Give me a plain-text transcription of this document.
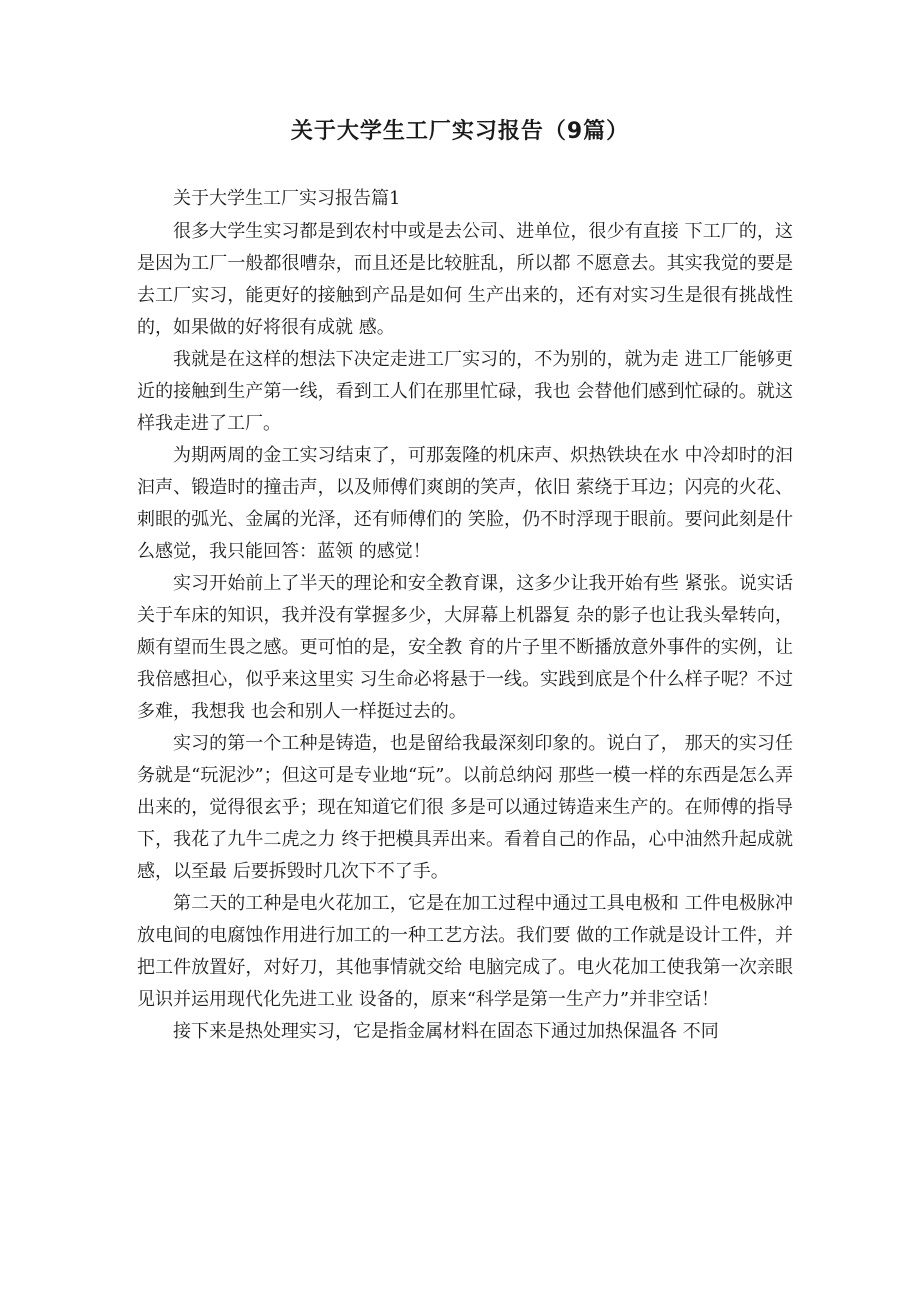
关于大学生工厂实习报告（9篇）

关于大学生工厂实习报告篇1

很多大学生实习都是到农村中或是去公司、进单位，很少有直接 下工厂的，这是因为工厂一般都很嘈杂，而且还是比较脏乱，所以都 不愿意去。其实我觉的要是去工厂实习，能更好的接触到产品是如何 生产出来的，还有对实习生是很有挑战性的，如果做的好将很有成就 感。

我就是在这样的想法下决定走进工厂实习的，不为别的，就为走 进工厂能够更近的接触到生产第一线，看到工人们在那里忙碌，我也 会替他们感到忙碌的。就这样我走进了工厂。

为期两周的金工实习结束了，可那轰隆的机床声、炽热铁块在水 中冷却时的汩汩声、锻造时的撞击声，以及师傅们爽朗的笑声，依旧 萦绕于耳边；闪亮的火花、刺眼的弧光、金属的光泽，还有师傅们的 笑脸，仍不时浮现于眼前。要问此刻是什么感觉，我只能回答：蓝领 的感觉！

实习开始前上了半天的理论和安全教育课，这多少让我开始有些 紧张。说实话关于车床的知识，我并没有掌握多少，大屏幕上机器复 杂的影子也让我头晕转向，颇有望而生畏之感。更可怕的是，安全教 育的片子里不断播放意外事件的实例，让我倍感担心，似乎来这里实 习生命必将悬于一线。实践到底是个什么样子呢？不过多难，我想我 也会和别人一样挺过去的。

实习的第一个工种是铸造，也是留给我最深刻印象的。说白了， 那天的实习任务就是“玩泥沙”；但这可是专业地“玩”。以前总纳闷 那些一模一样的东西是怎么弄出来的，觉得很玄乎；现在知道它们很 多是可以通过铸造来生产的。在师傅的指导下，我花了九牛二虎之力 终于把模具弄出来。看着自己的作品，心中油然升起成就感，以至最 后要拆毁时几次下不了手。

第二天的工种是电火花加工，它是在加工过程中通过工具电极和 工件电极脉冲放电间的电腐蚀作用进行加工的一种工艺方法。我们要 做的工作就是设计工件，并把工件放置好，对好刀，其他事情就交给 电脑完成了。电火花加工使我第一次亲眼见识并运用现代化先进工业 设备的，原来“科学是第一生产力”并非空话！

接下来是热处理实习，它是指金属材料在固态下通过加热保温各 不同
